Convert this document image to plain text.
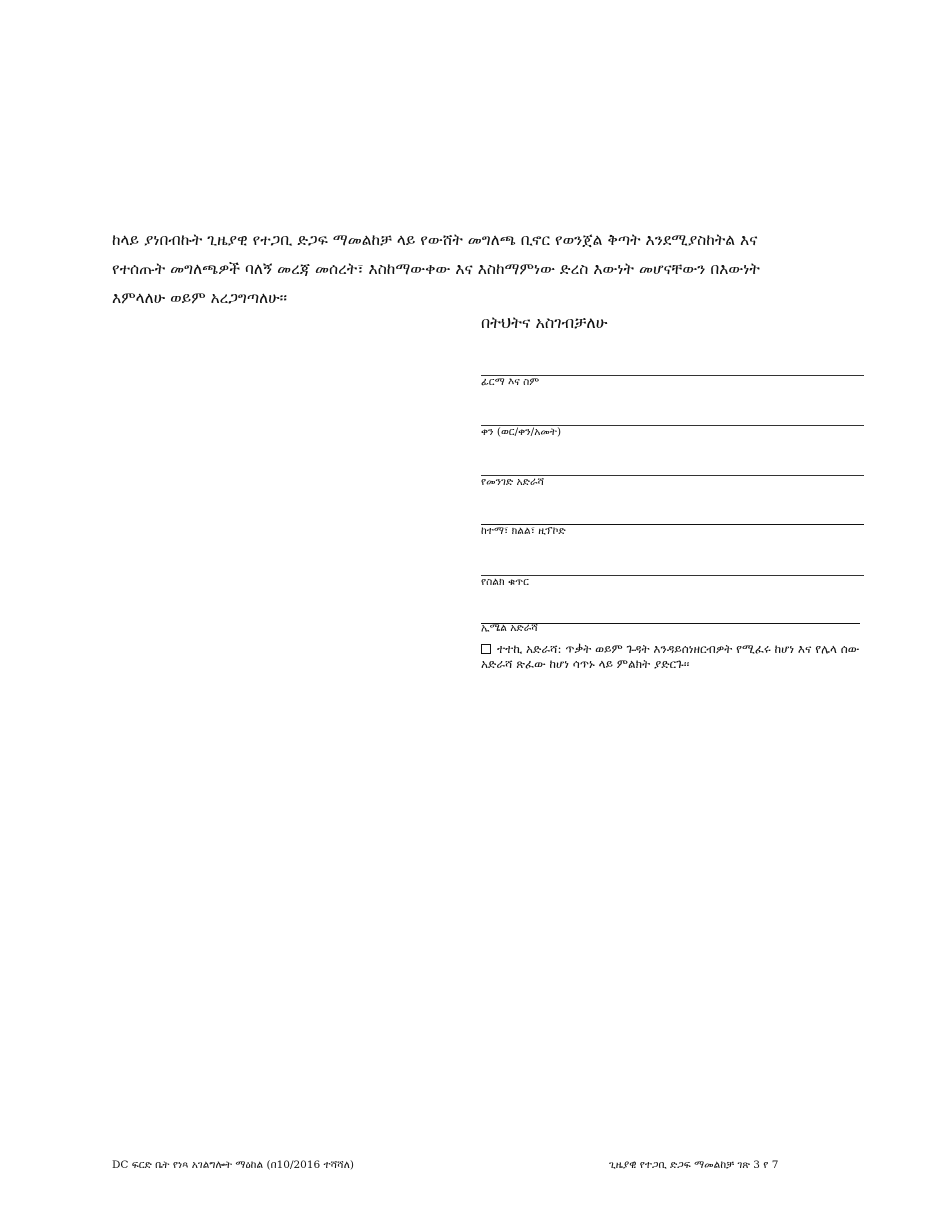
ከላይ ያነበብኩት ጊዜያዊ የተጋቢ ድጋፍ ማመልከቻ ላይ የውሸት መግለጫ ቢኖር የወንጀል ቅጣት እንደሚያስከትል እና
የተሰጡት መግለጫዎች ባለኝ መረጃ መሰረት፣ እስከማውቀው እና እስከማምነው ድረስ እውነት መሆናቸውን በእውነት
እምላለሁ ወይም አረጋግጣለሁ፡፡

በትህትና አስገብቻለሁ

ፊርማ እና ስም
ቀን (ወር/ቀን/አመት)
የመንገድ አድራሻ
ከተማ፣ ክልል፣ ዚፕኮድ
የስልክ ቁጥር
ኢሜል አድራሻ
ተተኪ አድራሻ: ጥቃት ወይም ጉዳት እንዳይሰነዘርብዎት የሚፈሩ ከሆነ እና የሌላ ሰው አድራሻ ጽፈው ከሆነ ሳጥኑ ላይ ምልክት ያድርጉ፡፡
DC ፍርድ ቤት የነጻ አገልግሎት ማዕከል (በ10/2016 ተሻሻለ)	ጊዜያዊ የተጋቢ ድጋፍ ማመልከቻ ገጽ 3 የ 7
